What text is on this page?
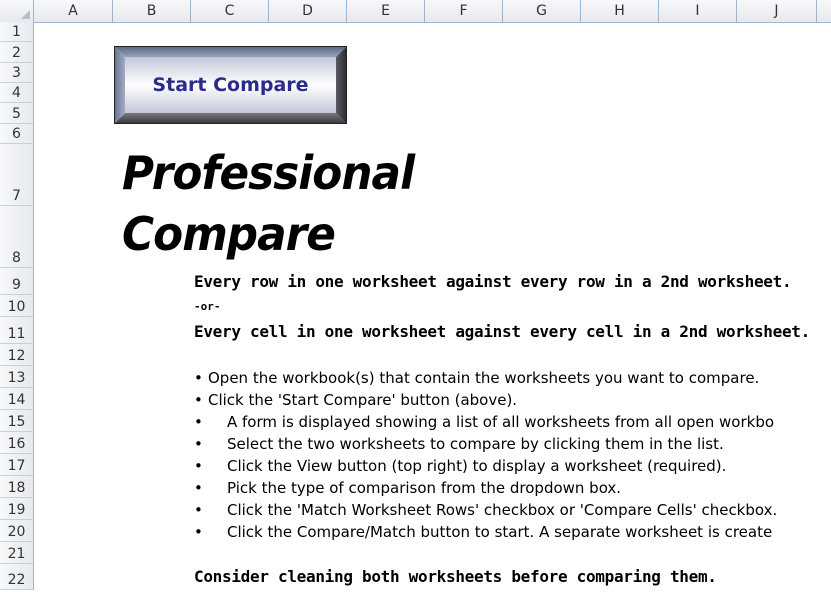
A	B	C	D	E	F	G	H	I	J
1
2
3
4
5
6
7
8
9
10
11
12
13
14
15
16
17
18
19
20
21
22
Start Compare
Professional
Compare
Every row in one worksheet against every row in a 2nd worksheet.
-or-
Every cell in one worksheet against every cell in a 2nd worksheet.
• Open the workbook(s) that contain the worksheets you want to compare.
• Click the 'Start Compare' button (above).
• A form is displayed showing a list of all worksheets from all open workbo
• Select the two worksheets to compare by clicking them in the list.
• Click the View button (top right) to display a worksheet (required).
• Pick the type of comparison from the dropdown box.
• Click the 'Match Worksheet Rows' checkbox or 'Compare Cells' checkbox.
• Click the Compare/Match button to start. A separate worksheet is create
Consider cleaning both worksheets before comparing them.
